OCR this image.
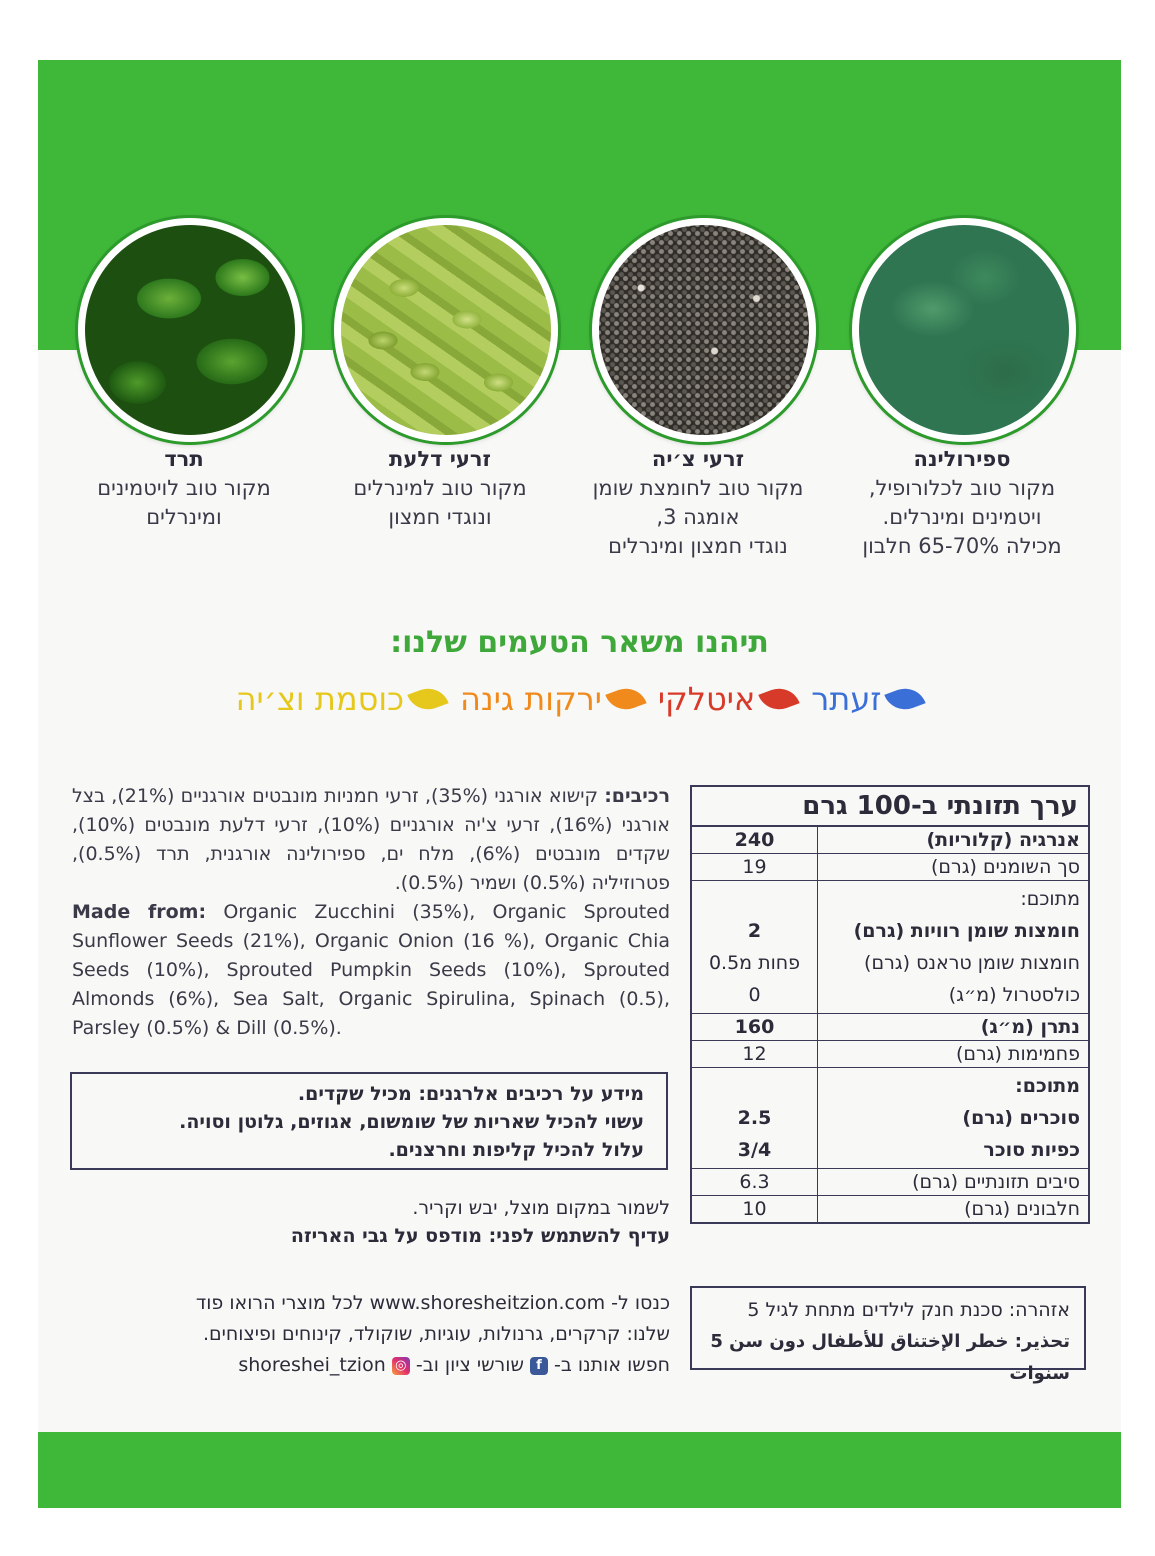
ספירולינה
מקור טוב לכלורופיל,
ויטמינים ומינרלים.
מכילה 65-70% חלבון
זרעי צ׳יה
מקור טוב לחומצת שומן
אומגה 3,
נוגדי חמצון ומינרלים
זרעי דלעת
מקור טוב למינרלים
ונוגדי חמצון
תרד
מקור טוב לויטמינים
ומינרלים
תיהנו משאר הטעמים שלנו:
זעתר
איטלקי
ירקות גינה
כוסמת וצ׳יה
ערך תזונתי ב-100 גרם
אנרגיה (קלוריות)
240
סך השומנים (גרם)
19
מתוכם:
חומצות שומן רוויות (גרם)
חומצות שומן טראנס (גרם)
כולסטרול (מ״ג)

2
פחות מ0.5
0
נתרן (מ״ג)
160
פחמימות (גרם)
12
מתוכם:
סוכרים (גרם)
כפיות סוכר

2.5
3/4
סיבים תזונתיים (גרם)
6.3
חלבונים (גרם)
10
רכיבים: קישוא אורגני (35%), זרעי חמניות מונבטים אורגניים (21%), בצל אורגני (16%), זרעי צ'יה אורגניים (10%), זרעי דלעת מונבטים (10%), שקדים מונבטים (6%), מלח ים, ספירולינה אורגנית, תרד (0.5%), פטרוזיליה (0.5%) ושמיר (0.5%).
Made from: Organic Zucchini (35%), Organic Sprouted Sunflower Seeds (21%), Organic Onion (16 %), Organic Chia Seeds (10%), Sprouted Pumpkin Seeds (10%), Sprouted Almonds (6%), Sea Salt, Organic Spirulina, Spinach (0.5), Parsley (0.5%) & Dill (0.5%).
מידע על רכיבים אלרגנים: מכיל שקדים.
עשוי להכיל שאריות של שומשום, אגוזים, גלוטן וסויה.
עלול להכיל קליפות וחרצנים.
לשמור במקום מוצל, יבש וקריר.
עדיף להשתמש לפני: מודפס על גבי האריזה
אזהרה: סכנת חנק לילדים מתחת לגיל 5
تحذير: خطر الإختناق للأطفال دون سن 5 سنوات
כנסו ל- www.shoresheitzion.com לכל מוצרי הרואו פוד
שלנו: קרקרים, גרנולות, עוגיות, שוקולד, קינוחים ופיצוחים.
חפשו אותנו ב- f שורשי ציון וב- ◎ shoreshei_tzion
